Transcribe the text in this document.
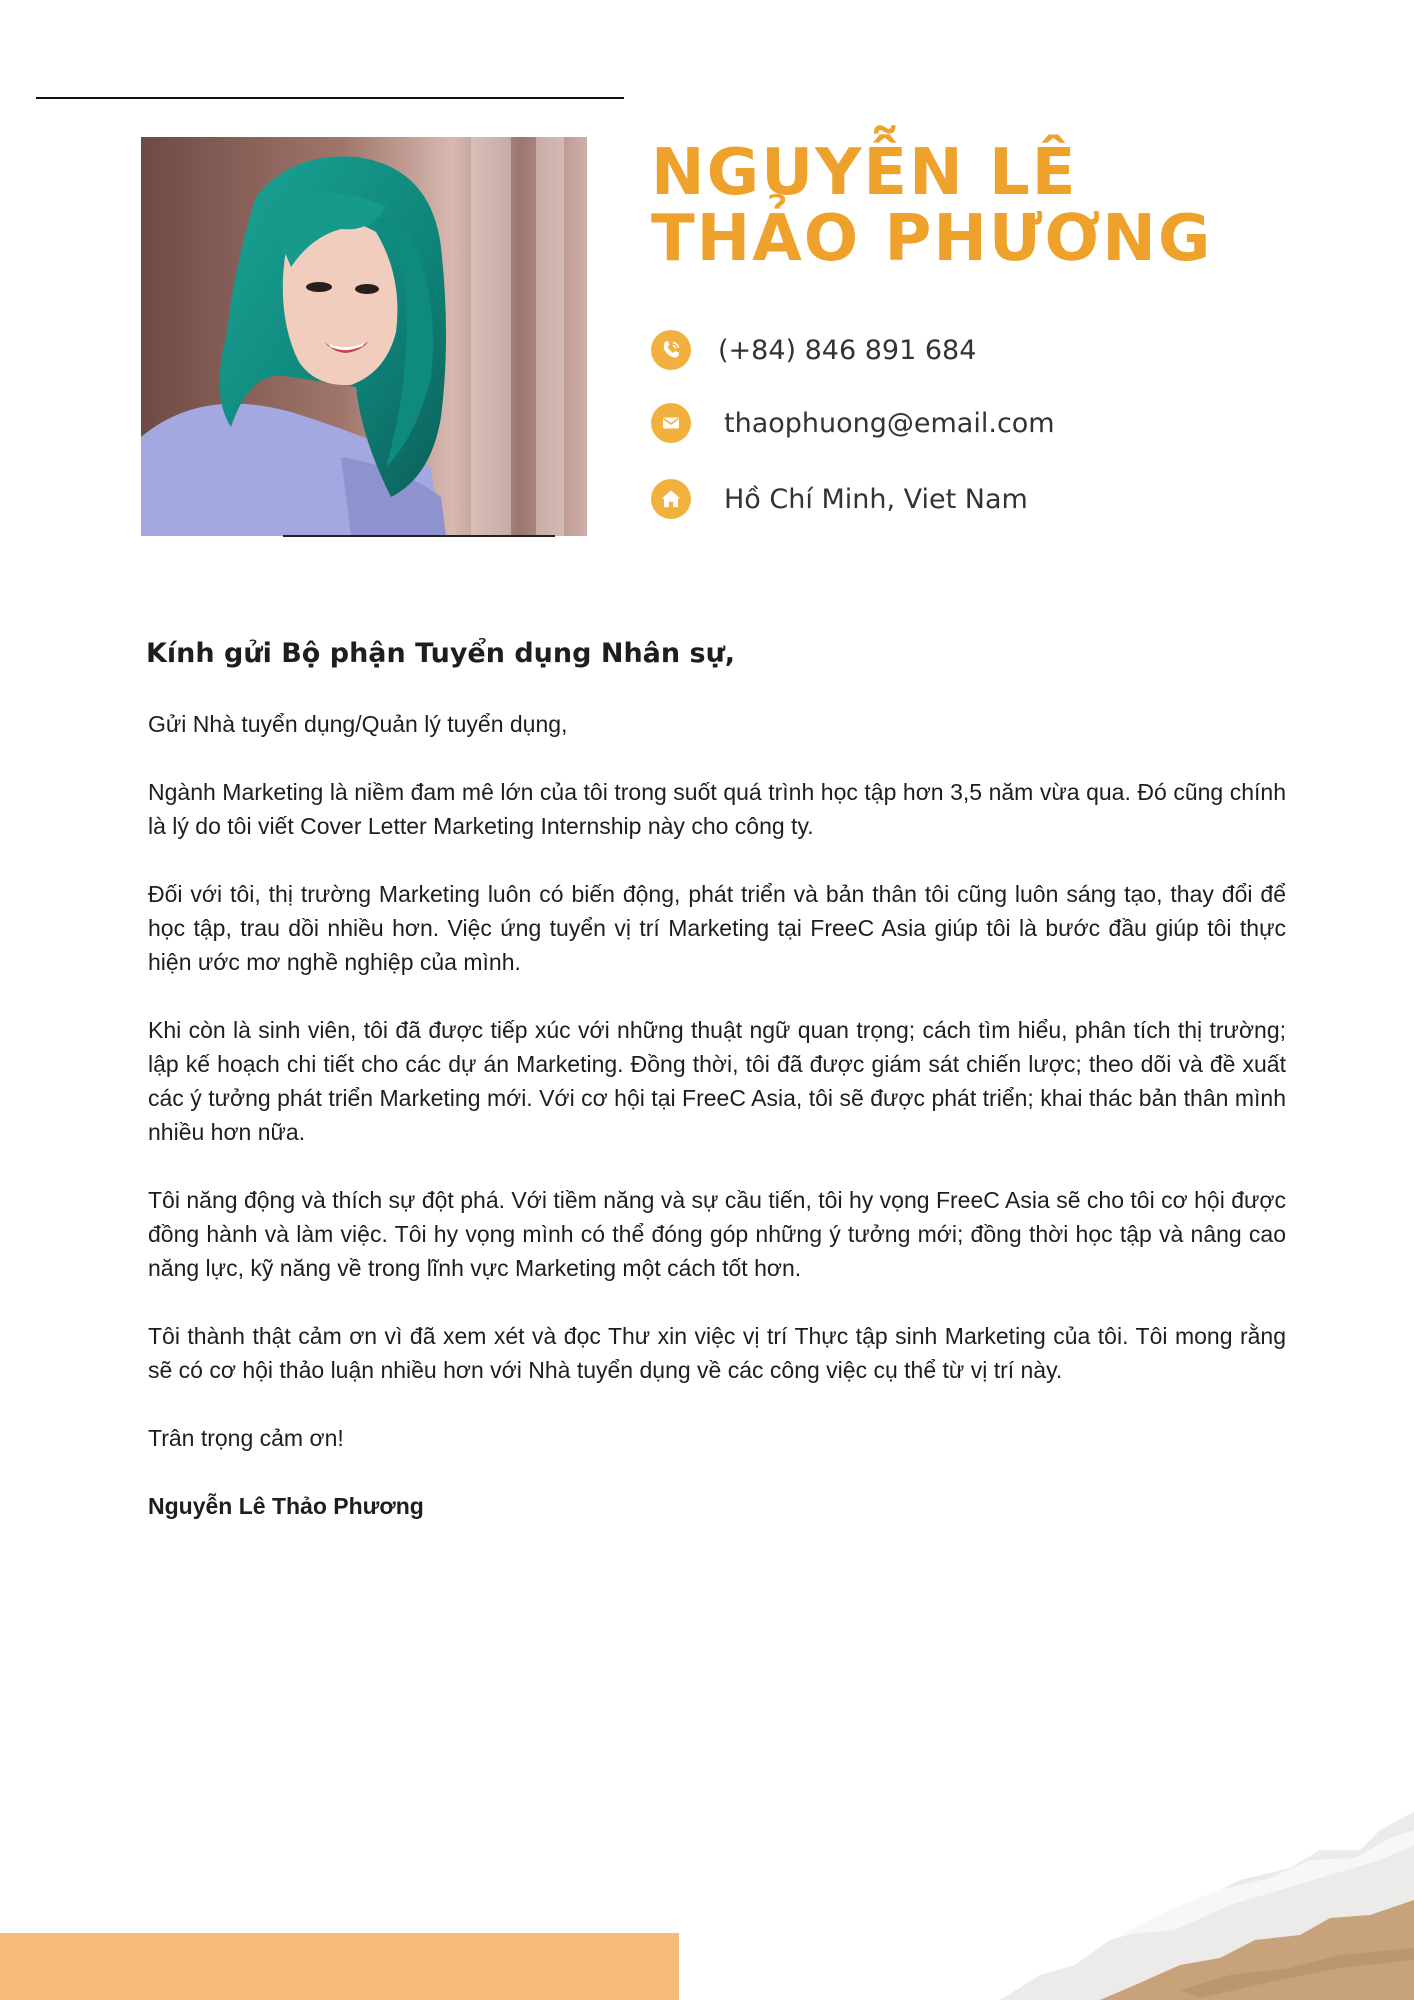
NGUYỄN LÊ
THẢO PHƯƠNG
(+84) 846 891 684
thaophuong@email.com
Hồ Chí Minh, Viet Nam
Kính gửi Bộ phận Tuyển dụng Nhân sự,

Gửi Nhà tuyển dụng/Quản lý tuyển dụng,

Ngành Marketing là niềm đam mê lớn của tôi trong suốt quá trình học tập hơn 3,5 năm vừa qua. Đó cũng chính là lý do tôi viết Cover Letter Marketing Internship này cho công ty.

Đối với tôi, thị trường Marketing luôn có biến động, phát triển và bản thân tôi cũng luôn sáng tạo, thay đổi để học tập, trau dồi nhiều hơn. Việc ứng tuyển vị trí Marketing tại FreeC Asia giúp tôi là bước đầu giúp tôi thực hiện ước mơ nghề nghiệp của mình.

Khi còn là sinh viên, tôi đã được tiếp xúc với những thuật ngữ quan trọng; cách tìm hiểu, phân tích thị trường; lập kế hoạch chi tiết cho các dự án Marketing. Đồng thời, tôi đã được giám sát chiến lược; theo dõi và đề xuất các ý tưởng phát triển Marketing mới. Với cơ hội tại FreeC Asia, tôi sẽ được phát triển; khai thác bản thân mình nhiều hơn nữa.

Tôi năng động và thích sự đột phá. Với tiềm năng và sự cầu tiến, tôi hy vọng FreeC Asia sẽ cho tôi cơ hội được đồng hành và làm việc. Tôi hy vọng mình có thể đóng góp những ý tưởng mới; đồng thời học tập và nâng cao năng lực, kỹ năng về trong lĩnh vực Marketing một cách tốt hơn.

Tôi thành thật cảm ơn vì đã xem xét và đọc Thư xin việc vị trí Thực tập sinh Marketing của tôi. Tôi mong rằng sẽ có cơ hội thảo luận nhiều hơn với Nhà tuyển dụng về các công việc cụ thể từ vị trí này.

Trân trọng cảm ơn!

Nguyễn Lê Thảo Phương
